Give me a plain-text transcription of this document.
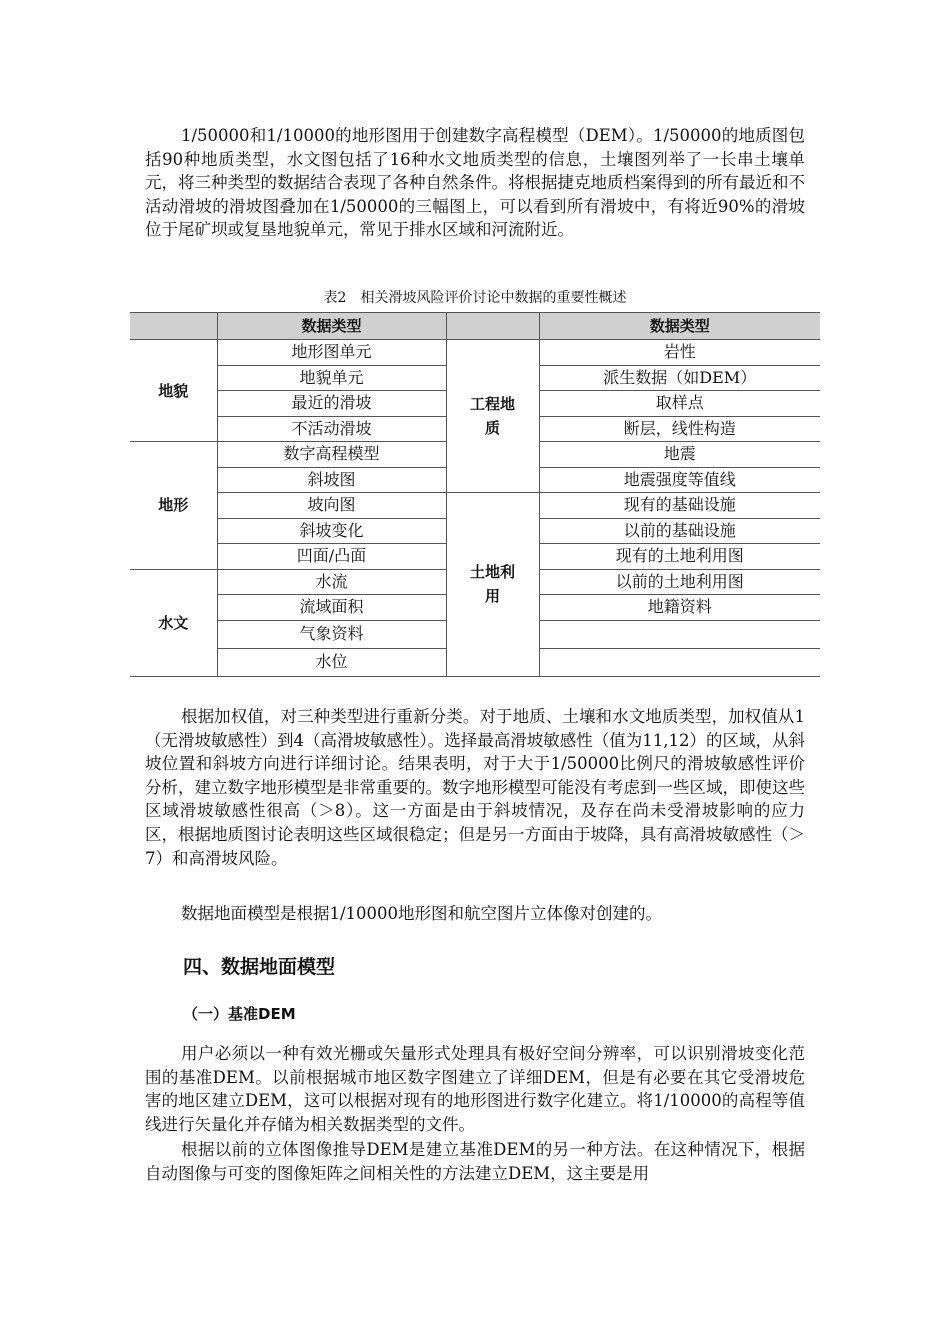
1/50000和1/10000的地形图用于创建数字高程模型（DEM）。1/50000的地质图包括90种地质类型，水文图包括了16种水文地质类型的信息，土壤图列举了一长串土壤单元，将三种类型的数据结合表现了各种自然条件。将根据捷克地质档案得到的所有最近和不活动滑坡的滑坡图叠加在1/50000的三幅图上，可以看到所有滑坡中，有将近90%的滑坡位于尾矿坝或复垦地貌单元，常见于排水区域和河流附近。

表2　相关滑坡风险评价讨论中数据的重要性概述

	数据类型		数据类型
地貌	地形图单元	工程地质	岩性
	地貌单元		派生数据（如DEM）
	最近的滑坡		取样点
	不活动滑坡		断层，线性构造
地形	数字高程模型		地震
	斜坡图		地震强度等值线
	坡向图	土地利用	现有的基础设施
	斜坡变化		以前的基础设施
	凹面/凸面		现有的土地利用图
水文	水流		以前的土地利用图
	流域面积		地籍资料
	气象资料		
	水位		

根据加权值，对三种类型进行重新分类。对于地质、土壤和水文地质类型，加权值从1（无滑坡敏感性）到4（高滑坡敏感性）。选择最高滑坡敏感性（值为11,12）的区域，从斜坡位置和斜坡方向进行详细讨论。结果表明，对于大于1/50000比例尺的滑坡敏感性评价分析，建立数字地形模型是非常重要的。数字地形模型可能没有考虑到一些区域，即使这些区域滑坡敏感性很高（＞8）。这一方面是由于斜坡情况，及存在尚未受滑坡影响的应力区，根据地质图讨论表明这些区域很稳定；但是另一方面由于坡降，具有高滑坡敏感性（＞7）和高滑坡风险。

数据地面模型是根据1/10000地形图和航空图片立体像对创建的。

四、数据地面模型
（一）基准DEM

用户必须以一种有效光栅或矢量形式处理具有极好空间分辨率，可以识别滑坡变化范围的基准DEM。以前根据城市地区数字图建立了详细DEM，但是有必要在其它受滑坡危害的地区建立DEM，这可以根据对现有的地形图进行数字化建立。将1/10000的高程等值线进行矢量化并存储为相关数据类型的文件。

根据以前的立体图像推导DEM是建立基准DEM的另一种方法。在这种情况下，根据自动图像与可变的图像矩阵之间相关性的方法建立DEM，这主要是用
